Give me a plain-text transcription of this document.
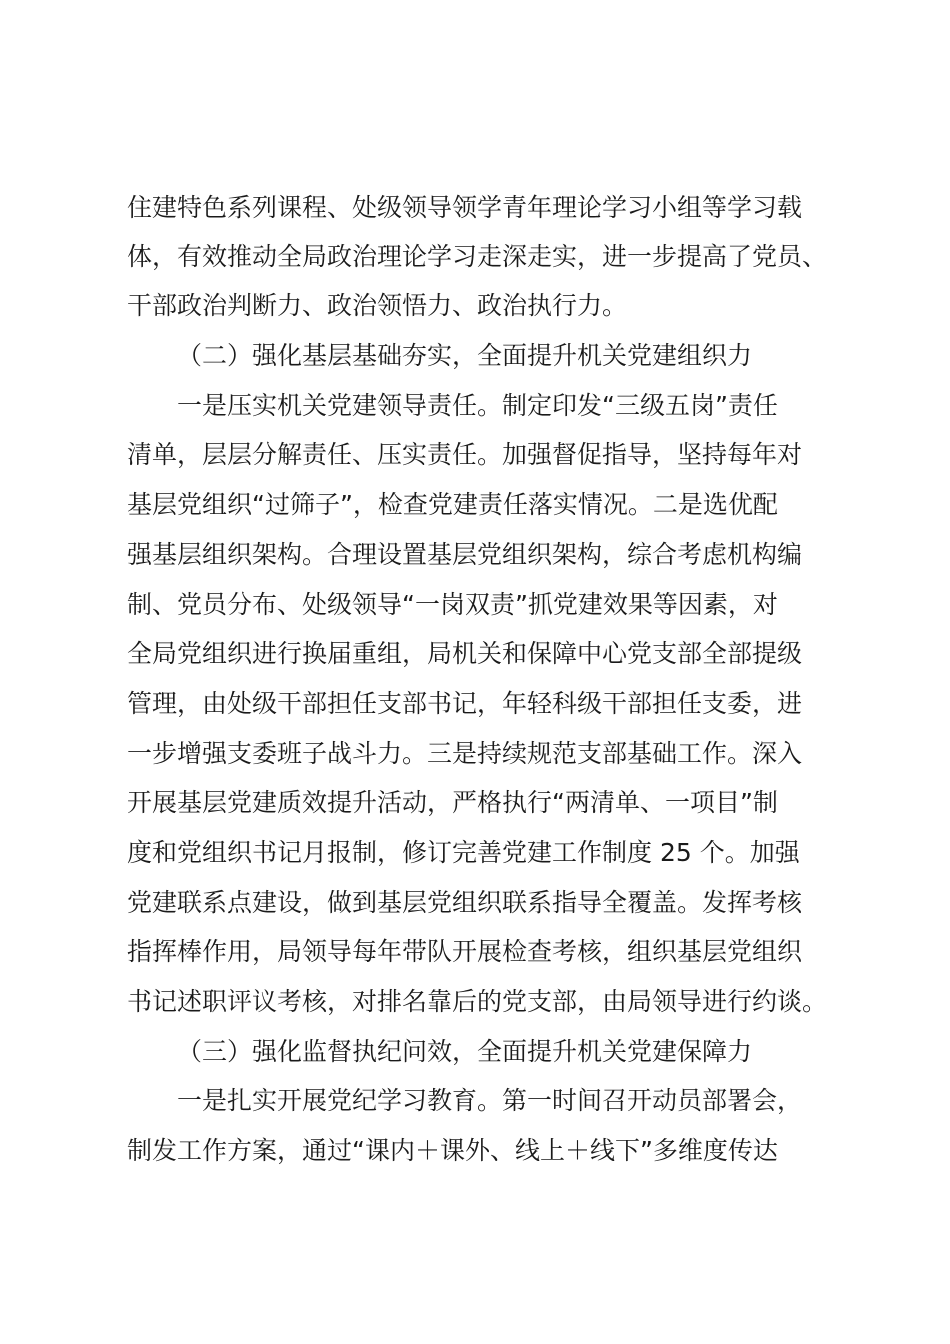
住建特色系列课程、处级领导领学青年理论学习小组等学习载
体，有效推动全局政治理论学习走深走实，进一步提高了党员、
干部政治判断力、政治领悟力、政治执行力。
（二）强化基层基础夯实，全面提升机关党建组织力
一是压实机关党建领导责任。制定印发“三级五岗”责任
清单，层层分解责任、压实责任。加强督促指导，坚持每年对
基层党组织“过筛子”，检查党建责任落实情况。二是选优配
强基层组织架构。合理设置基层党组织架构，综合考虑机构编
制、党员分布、处级领导“一岗双责”抓党建效果等因素，对
全局党组织进行换届重组，局机关和保障中心党支部全部提级
管理，由处级干部担任支部书记，年轻科级干部担任支委，进
一步增强支委班子战斗力。三是持续规范支部基础工作。深入
开展基层党建质效提升活动，严格执行“两清单、一项目”制
度和党组织书记月报制，修订完善党建工作制度 25 个。加强
党建联系点建设，做到基层党组织联系指导全覆盖。发挥考核
指挥棒作用，局领导每年带队开展检查考核，组织基层党组织
书记述职评议考核，对排名靠后的党支部，由局领导进行约谈。
（三）强化监督执纪问效，全面提升机关党建保障力
一是扎实开展党纪学习教育。第一时间召开动员部署会，
制发工作方案，通过“课内＋课外、线上＋线下”多维度传达
